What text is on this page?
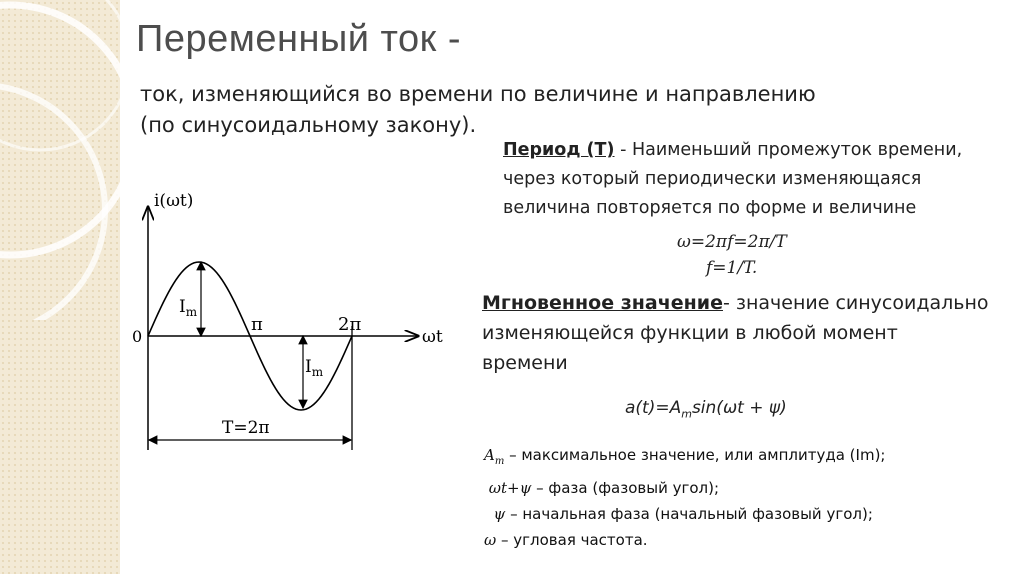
Переменный ток -
ток, изменяющийся во времени по величине и направлению
(по синусоидальному закону).
Период (Т) - Наименьший промежуток времени,
через который периодически изменяющаяся
величина повторяется по форме и величине
ω=2πf=2π/T
f=1/T.
Мгновенное значение- значение синусоидально
изменяющейся функции в любой момент
времени
$a(t)=A_m\sin(\omega t + \psi)$
$A_m$ – максимальное значение, или амплитуда (Im);
ωt+ψ – фаза (фазовый угол);
ψ – начальная фаза (начальный фазовый угол);
ω – угловая частота.
i(ωt)
ωt
0
π	2π
$I_m$
$I_m$
T=2π
